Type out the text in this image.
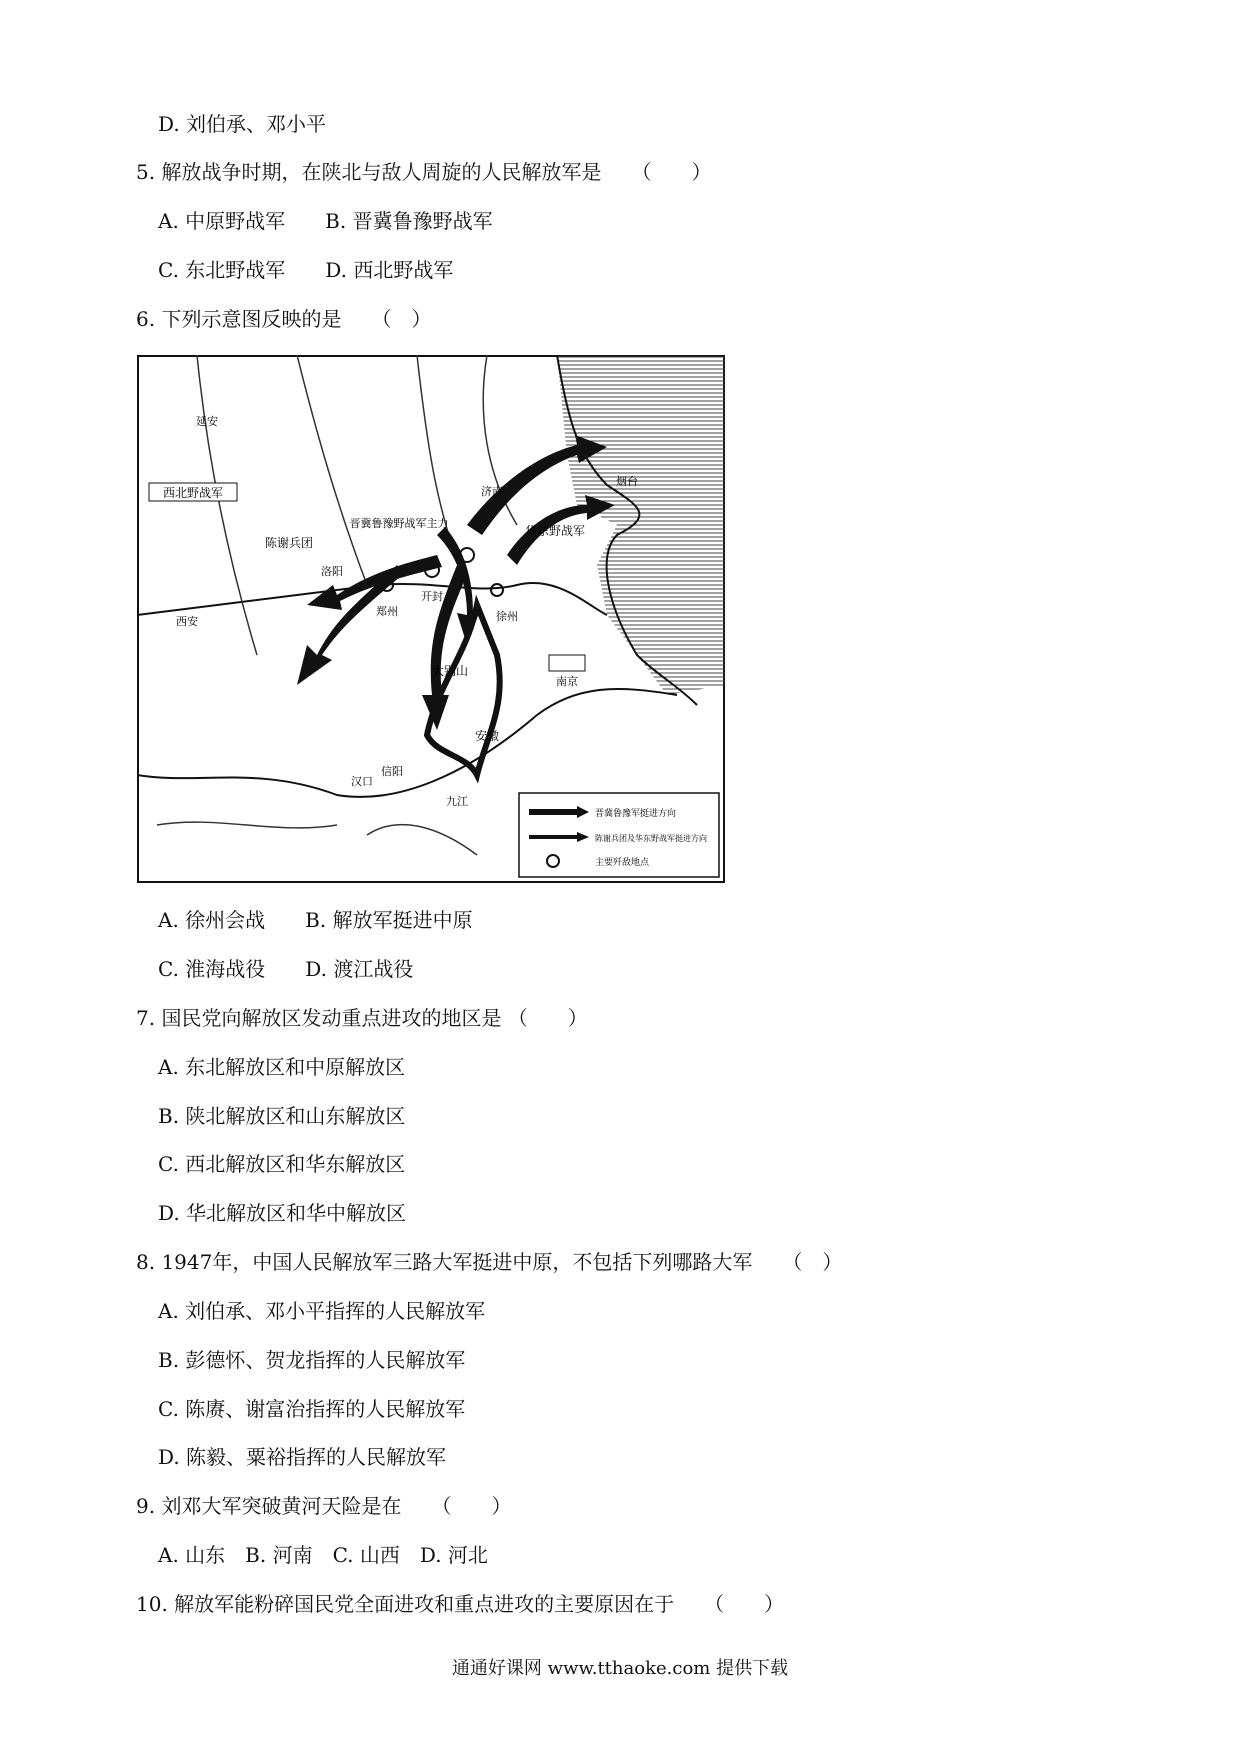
D. 刘伯承、邓小平
5. 解放战争时期，在陕北与敌人周旋的人民解放军是　　（　　）
A. 中原野战军　　B. 晋冀鲁豫野战军
C. 东北野战军　　D. 西北野战军
6. 下列示意图反映的是　　（　）
西北野战军
陈谢兵团
晋冀鲁豫野战军主力
华东野战军
大别山
信阳
安徽
延安
西安
洛阳
郑州
开封
济南
烟台
徐州
南京
汉口
九江
晋冀鲁豫军挺进方向
陈谢兵团及华东野战军挺进方向
主要歼敌地点
A. 徐州会战　　B. 解放军挺进中原
C. 淮海战役　　D. 渡江战役
7. 国民党向解放区发动重点进攻的地区是 （　　）
A. 东北解放区和中原解放区
B. 陕北解放区和山东解放区
C. 西北解放区和华东解放区
D. 华北解放区和华中解放区
8. 1947年，中国人民解放军三路大军挺进中原，不包括下列哪路大军　　（　）
A. 刘伯承、邓小平指挥的人民解放军
B. 彭德怀、贺龙指挥的人民解放军
C. 陈赓、谢富治指挥的人民解放军
D. 陈毅、粟裕指挥的人民解放军
9. 刘邓大军突破黄河天险是在　　（　　）
A. 山东　B. 河南　C. 山西　D. 河北
10. 解放军能粉碎国民党全面进攻和重点进攻的主要原因在于　　（　　）
通通好课网 www.tthaoke.com 提供下载
